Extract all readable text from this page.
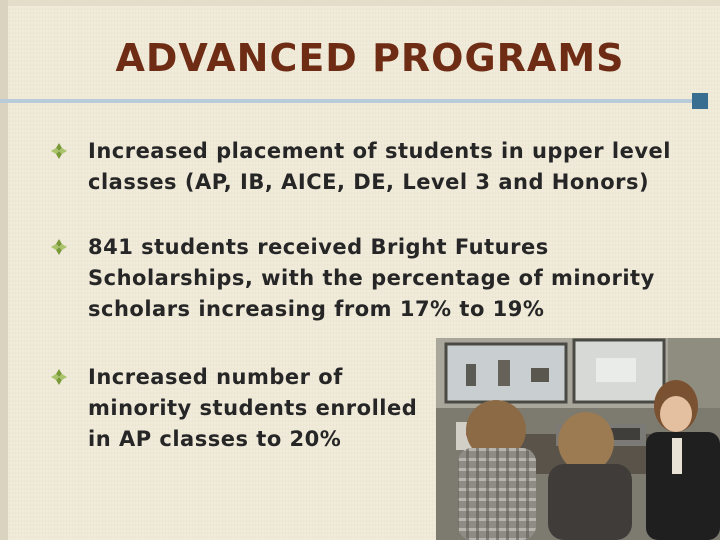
ADVANCED PROGRAMS
Increased placement of students in upper level classes (AP, IB, AICE, DE, Level 3 and Honors)
841 students received Bright Futures Scholarships, with the percentage of minority scholars increasing from 17% to 19%
Increased number of minority students enrolled in AP classes to 20%
